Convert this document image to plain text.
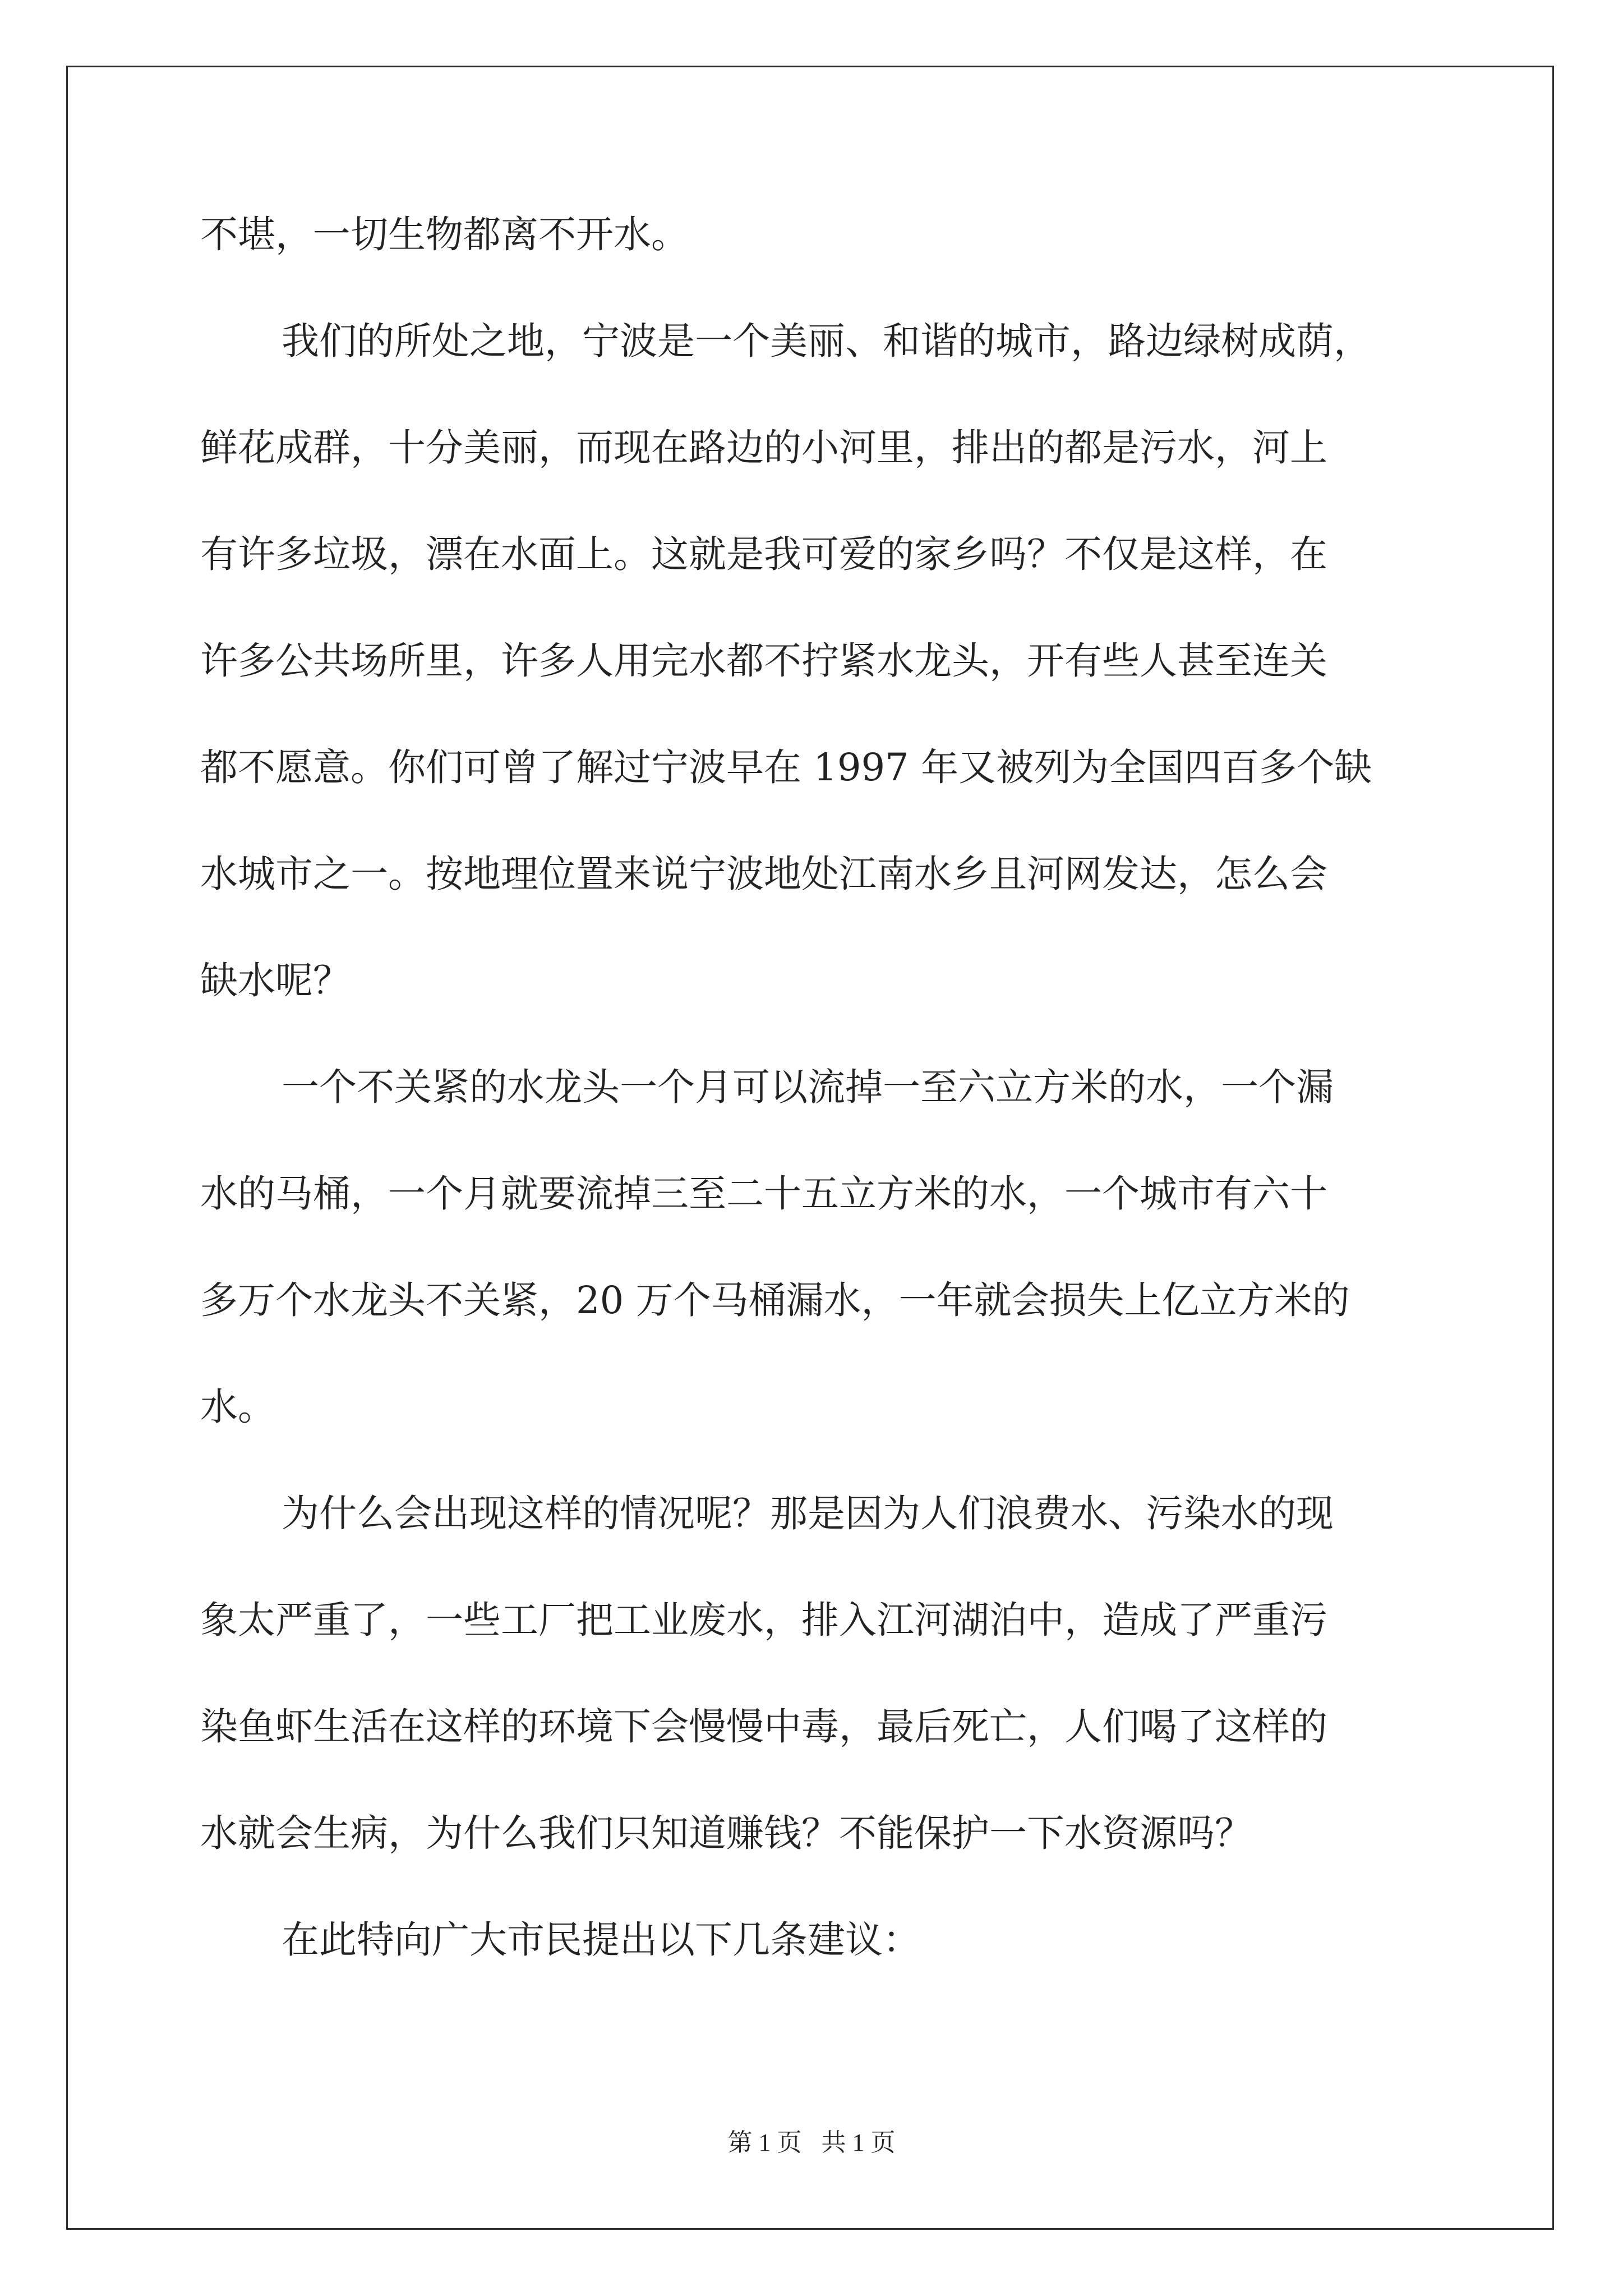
不堪，一切生物都离不开水。
我们的所处之地，宁波是一个美丽、和谐的城市，路边绿树成荫，
鲜花成群，十分美丽，而现在路边的小河里，排出的都是污水，河上
有许多垃圾，漂在水面上。这就是我可爱的家乡吗？不仅是这样，在
许多公共场所里，许多人用完水都不拧紧水龙头，开有些人甚至连关
都不愿意。你们可曾了解过宁波早在 1997 年又被列为全国四百多个缺
水城市之一。按地理位置来说宁波地处江南水乡且河网发达，怎么会
缺水呢？
一个不关紧的水龙头一个月可以流掉一至六立方米的水，一个漏
水的马桶，一个月就要流掉三至二十五立方米的水，一个城市有六十
多万个水龙头不关紧，20 万个马桶漏水，一年就会损失上亿立方米的
水。
为什么会出现这样的情况呢？那是因为人们浪费水、污染水的现
象太严重了，一些工厂把工业废水，排入江河湖泊中，造成了严重污
染鱼虾生活在这样的环境下会慢慢中毒，最后死亡，人们喝了这样的
水就会生病，为什么我们只知道赚钱？不能保护一下水资源吗？
在此特向广大市民提出以下几条建议：
第 1 页 共 1 页
